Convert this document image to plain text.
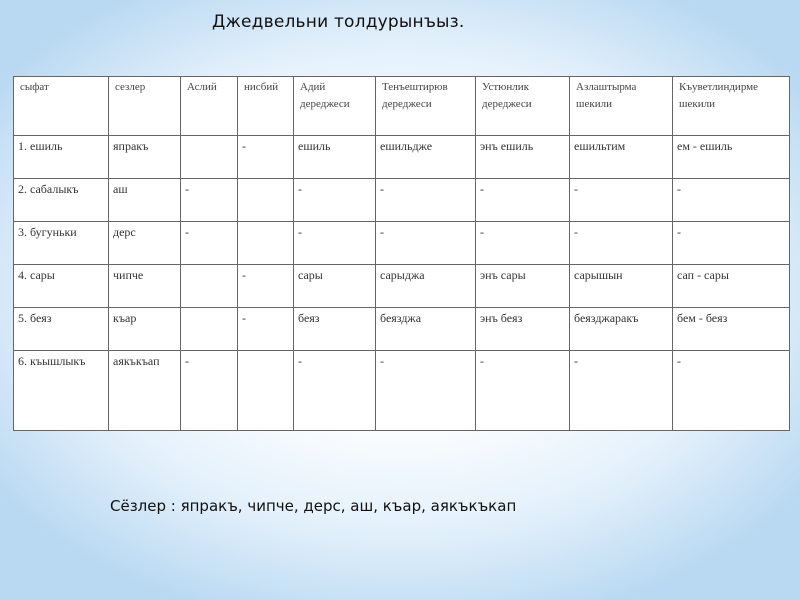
Джедвельни толдурынъыз.
сыфат	сезлер	Аслий	нисбий	Адий дереджеси	Тенъештирюв дереджеси	Устюнлик дереджеси	Азлаштырма шекили	Къуветлиндирме шекили
1. ешиль	япракъ		-	ешиль	ешильдже	энъ ешиль	ешильтим	ем - ешиль
2. сабалыкъ	аш	-		-	-	-	-	-
3. бугуньки	дерс	-		-	-	-	-	-
4. сары	чипче		-	сары	сарыджа	энъ сары	сарышын	сап - сары
5. беяз	къар		-	беяз	беязджа	энъ беяз	беязджаракъ	бем - беяз
6. къышлыкъ	аякъкъап	-		-	-	-	-	-
Сёзлер : япракъ, чипче, дерс, аш, къар, аякъкъкап
